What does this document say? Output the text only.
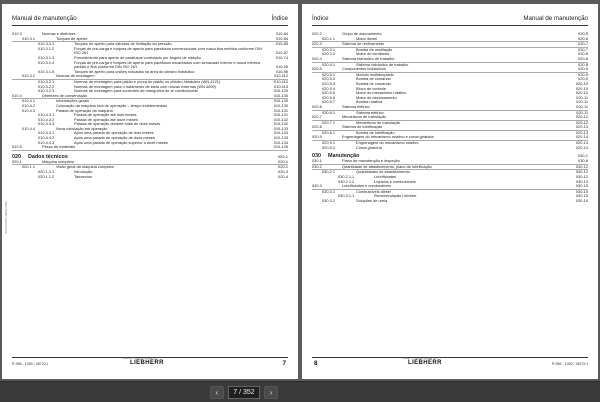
Manual de manutenção	Índice
010.3	Normas e diretrizes	010-84
010.3.1	Torques de aperto	010-84
010.3.1.1	Torques de aperto para válvulas de limitação da pressão	010-85
010.3.1.2	Forças de pré-carga e torques de aperto para parafusos convencionais com rosca fina métrica conforme DIN ISO 261	010-87
010.3.1.3	Procedimento para aperto de parafusos controlado por ângulo de rotação	010-74
010.3.1.4	Forças de pré-carga e torques de aperto para parafusos escareados com sextavado interno e rosca métrica padrão e fina conforme DIN ISO 261	010-95
010.3.1.5	Torques de aperto para uniões roscadas na área do cilindro hidráulico	010-96
010.3.2	Normas de montagem	010-112
010.3.2.1	Normas de montagem para pistão e porca do pistão no cilindro hidráulico (WN 4121)	010-112
010.3.2.2	Normas de montagem para o tratamento de biela com roscas externas (WN 4009)	010-113
010.3.2.3	Normas de montagem para conexões de mangueira de ar condicionado	010-129
010.4	Diretrizes de conservação	010-130
010.4.1	Informações gerais	010-130
010.4.2	Colocação da máquina fora de operação – tempo indeterminado	010-130
010.4.3	Parada de operação da máquina	010-131
010.4.3.1	Parada de operação até dois meses	010-131
010.4.3.2	Parada de operação até doze meses	010-132
010.4.3.3	Parada de operação durante mais de doze meses	010-132
010.4.4	Nova colocação em operação	010-133
010.4.4.1	Após uma parada de operação de dois meses	010-133
010.4.4.2	Após uma parada de operação de doze meses	010-133
010.4.4.3	Após uma parada de operação superior a doze meses	010-134
010.5	Pesos de materiais	010-135
020	Dados técnicos	020-1
020.1	Máquina completa	020-1
020.1.1	Visão geral da máquina completa	020-1
020.1.1.1	Introdução	020-3
020.1.1.2	Tamanhos	020-4
PPROCESSOR: 08000 7-0081
R 956 - 1050 / 48722-r
Liebherr CP copyright reserved 2022
LIEBHERR	7
Índice	Manual de manutenção
020.2	Grupo de acionamento	020-5
020.2.1	Motor diesel	020-6
020.3	Sistema de resfriamento	020-7
020.3.1	Bomba de ventilação	020-7
020.3.2	Motor do ventilador	020-8
020.4	Sistema hidráulico de trabalho	020-8
020.4.1	Sistema hidráulico de trabalho	020-8
020.5	Componentes hidráulicos	020-9
020.5.1	Módulo multiacoplado	020-9
020.5.2	Bomba de comando	020-9
020.5.3	Bomba de comando	020-10
020.5.4	Bloco de controle	020-10
020.5.5	Motor do mecanismo rotativo	020-10
020.5.6	Motor de deslocamento	020-11
020.5.7	Bomba rotativa	020-11
020.6	Sistema elétrico	020-11
020.6.1	Sistema elétrico	020-11
020.7	Mecanismo de translação	020-12
020.7.1	Mecanismo de translação	020-12
020.8	Sistema de lubrificação	020-13
020.8.1	Bomba de lubrificação	020-13
020.9	Engrenagem do mecanismo rotativo e coroa giratória	020-14
020.9.1	Engrenagem do mecanismo rotativo	020-14
020.9.2	Coroa giratória	020-14
030	Manutenção	030-1
030.1	Plano de manutenção e inspeção	030-6
030.2	Quantidade de abastecimento, plano de lubrificação	030-12
030.2.1	Quantidades de abastecimento	030-12
030.2.1.1	Lubrificantes	030-12
030.2.1.2	Líquidos e combustíveis	030-13
030.3	Lubrificantes e combustíveis	030-15
030.3.1	Combustíveis diesel	030-15
030.3.1.1	Recomendação Liebherr	030-15
030.3.2	Soluções de ureia	030-19
8
Liebherr CP copyright reserved 2022
LIEBHERR	R 956 - 1050 / 48722-r
‹
7 / 352	›
